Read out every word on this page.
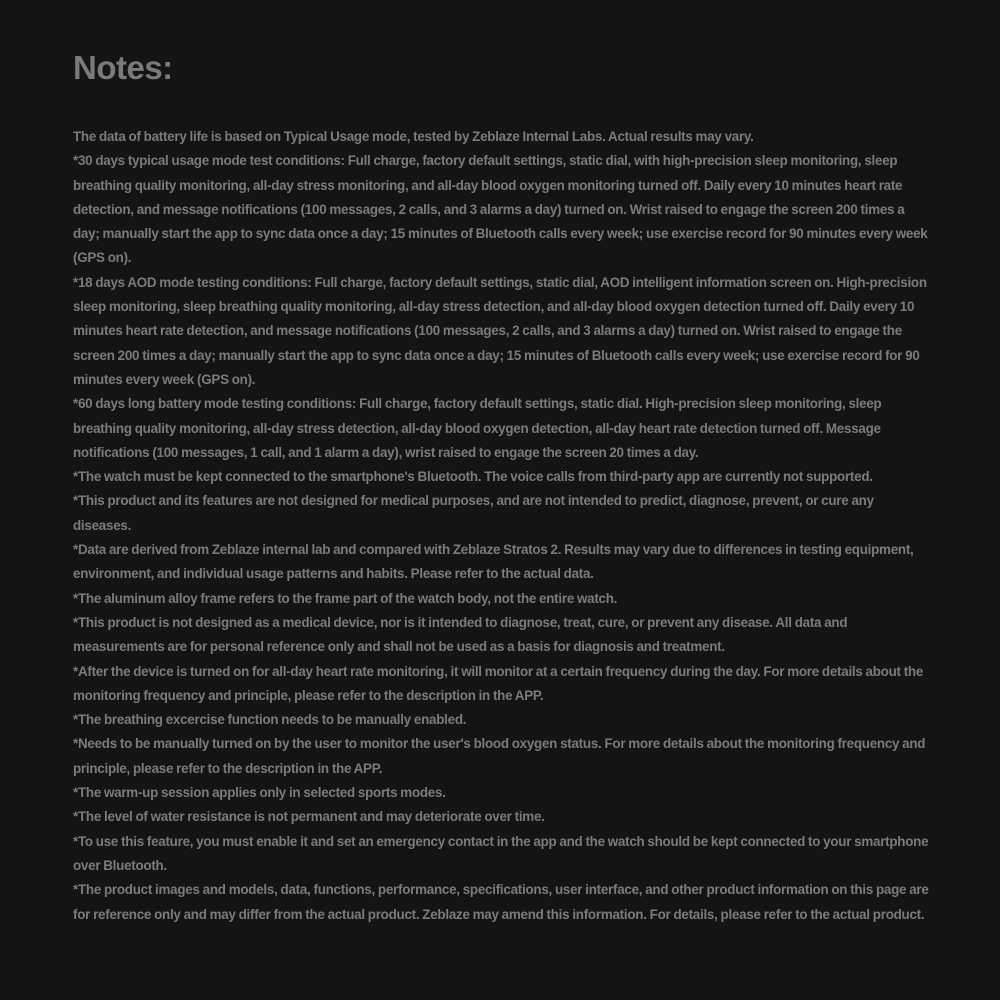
Notes:

The data of battery life is based on Typical Usage mode, tested by Zeblaze Internal Labs. Actual results may vary.

*30 days typical usage mode test conditions: Full charge, factory default settings, static dial, with high-precision sleep monitoring, sleep breathing quality monitoring, all-day stress monitoring, and all-day blood oxygen monitoring turned off. Daily every 10 minutes heart rate detection, and message notifications (100 messages, 2 calls, and 3 alarms a day) turned on. Wrist raised to engage the screen 200 times a day; manually start the app to sync data once a day; 15 minutes of Bluetooth calls every week; use exercise record for 90 minutes every week (GPS on).

*18 days AOD mode testing conditions: Full charge, factory default settings, static dial, AOD intelligent information screen on. High-precision sleep monitoring, sleep breathing quality monitoring, all-day stress detection, and all-day blood oxygen detection turned off. Daily every 10 minutes heart rate detection, and message notifications (100 messages, 2 calls, and 3 alarms a day) turned on. Wrist raised to engage the screen 200 times a day; manually start the app to sync data once a day; 15 minutes of Bluetooth calls every week; use exercise record for 90 minutes every week (GPS on).

*60 days long battery mode testing conditions: Full charge, factory default settings, static dial. High-precision sleep monitoring, sleep breathing quality monitoring, all-day stress detection, all-day blood oxygen detection, all-day heart rate detection turned off. Message notifications (100 messages, 1 call, and 1 alarm a day), wrist raised to engage the screen 20 times a day.

*The watch must be kept connected to the smartphone's Bluetooth. The voice calls from third-party app are currently not supported.

*This product and its features are not designed for medical purposes, and are not intended to predict, diagnose, prevent, or cure any diseases.

*Data are derived from Zeblaze internal lab and compared with Zeblaze Stratos 2. Results may vary due to differences in testing equipment, environment, and individual usage patterns and habits. Please refer to the actual data.

*The aluminum alloy frame refers to the frame part of the watch body, not the entire watch.

*This product is not designed as a medical device, nor is it intended to diagnose, treat, cure, or prevent any disease. All data and measurements are for personal reference only and shall not be used as a basis for diagnosis and treatment.

*After the device is turned on for all-day heart rate monitoring, it will monitor at a certain frequency during the day. For more details about the monitoring frequency and principle, please refer to the description in the APP.

*The breathing excercise function needs to be manually enabled.

*Needs to be manually turned on by the user to monitor the user's blood oxygen status. For more details about the monitoring frequency and principle, please refer to the description in the APP.

*The warm-up session applies only in selected sports modes.

*The level of water resistance is not permanent and may deteriorate over time.

*To use this feature, you must enable it and set an emergency contact in the app and the watch should be kept connected to your smartphone over Bluetooth.

*The product images and models, data, functions, performance, specifications, user interface, and other product information on this page are for reference only and may differ from the actual product. Zeblaze may amend this information. For details, please refer to the actual product.
